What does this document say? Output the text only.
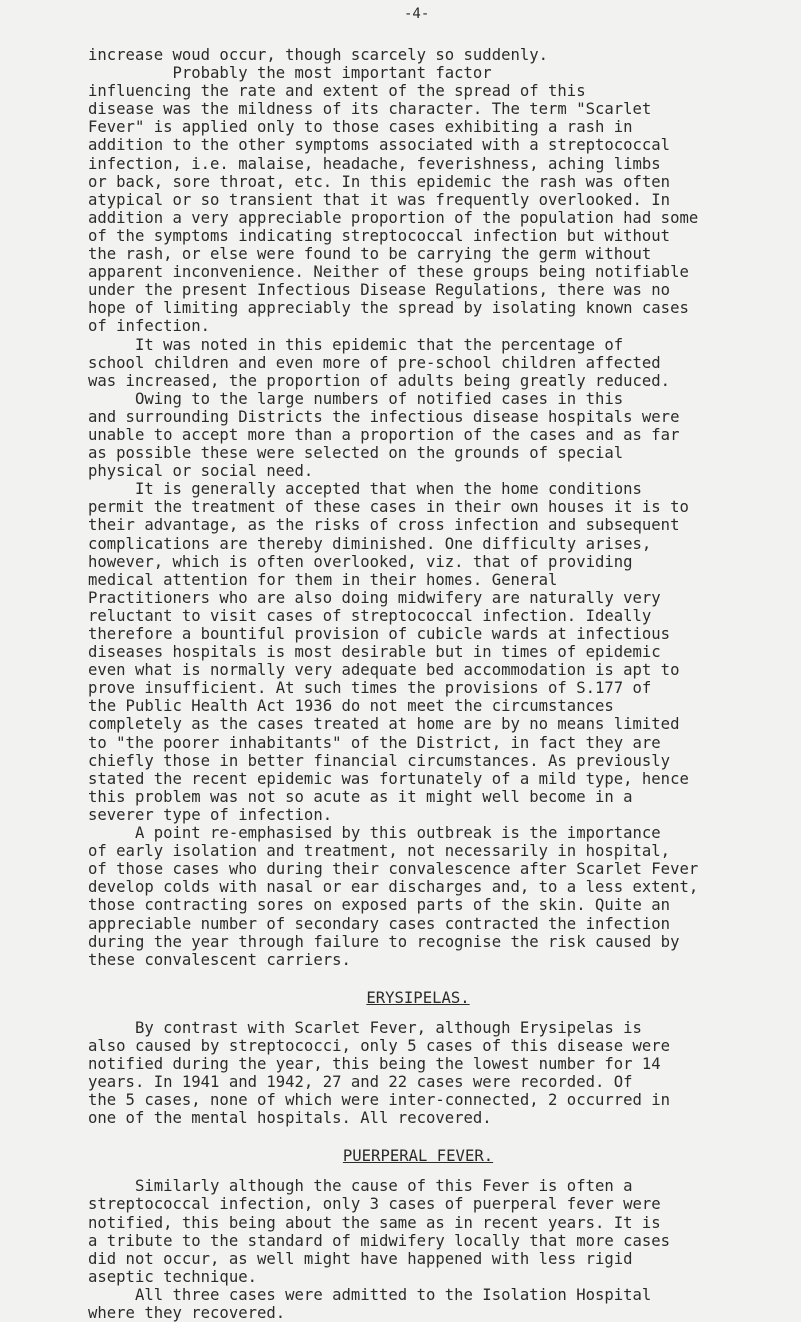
-4-

increase woud occur, though scarcely so suddenly.

Probably the most important factor

influencing the rate and extent of the spread of this

disease was the mildness of its character. The term "Scarlet

Fever" is applied only to those cases exhibiting a rash in

addition to the other symptoms associated with a streptococcal

infection, i.e. malaise, headache, feverishness, aching limbs

or back, sore throat, etc. In this epidemic the rash was often

atypical or so transient that it was frequently overlooked. In

addition a very appreciable proportion of the population had some

of the symptoms indicating streptococcal infection but without

the rash, or else were found to be carrying the germ without

apparent inconvenience. Neither of these groups being notifiable

under the present Infectious Disease Regulations, there was no

hope of limiting appreciably the spread by isolating known cases

of infection.

It was noted in this epidemic that the percentage of

school children and even more of pre-school children affected

was increased, the proportion of adults being greatly reduced.

Owing to the large numbers of notified cases in this

and surrounding Districts the infectious disease hospitals were

unable to accept more than a proportion of the cases and as far

as possible these were selected on the grounds of special

physical or social need.

It is generally accepted that when the home conditions

permit the treatment of these cases in their own houses it is to

their advantage, as the risks of cross infection and subsequent

complications are thereby diminished. One difficulty arises,

however, which is often overlooked, viz. that of providing

medical attention for them in their homes. General

Practitioners who are also doing midwifery are naturally very

reluctant to visit cases of streptococcal infection. Ideally

therefore a bountiful provision of cubicle wards at infectious

diseases hospitals is most desirable but in times of epidemic

even what is normally very adequate bed accommodation is apt to

prove insufficient. At such times the provisions of S.177 of

the Public Health Act 1936 do not meet the circumstances

completely as the cases treated at home are by no means limited

to "the poorer inhabitants" of the District, in fact they are

chiefly those in better financial circumstances. As previously

stated the recent epidemic was fortunately of a mild type, hence

this problem was not so acute as it might well become in a

severer type of infection.

A point re-emphasised by this outbreak is the importance

of early isolation and treatment, not necessarily in hospital,

of those cases who during their convalescence after Scarlet Fever

develop colds with nasal or ear discharges and, to a less extent,

those contracting sores on exposed parts of the skin. Quite an

appreciable number of secondary cases contracted the infection

during the year through failure to recognise the risk caused by

these convalescent carriers.

ERYSIPELAS.

By contrast with Scarlet Fever, although Erysipelas is

also caused by streptococci, only 5 cases of this disease were

notified during the year, this being the lowest number for 14

years. In 1941 and 1942, 27 and 22 cases were recorded. Of

the 5 cases, none of which were inter-connected, 2 occurred in

one of the mental hospitals. All recovered.

PUERPERAL FEVER.

Similarly although the cause of this Fever is often a

streptococcal infection, only 3 cases of puerperal fever were

notified, this being about the same as in recent years. It is

a tribute to the standard of midwifery locally that more cases

did not occur, as well might have happened with less rigid

aseptic technique.

All three cases were admitted to the Isolation Hospital

where they recovered.
